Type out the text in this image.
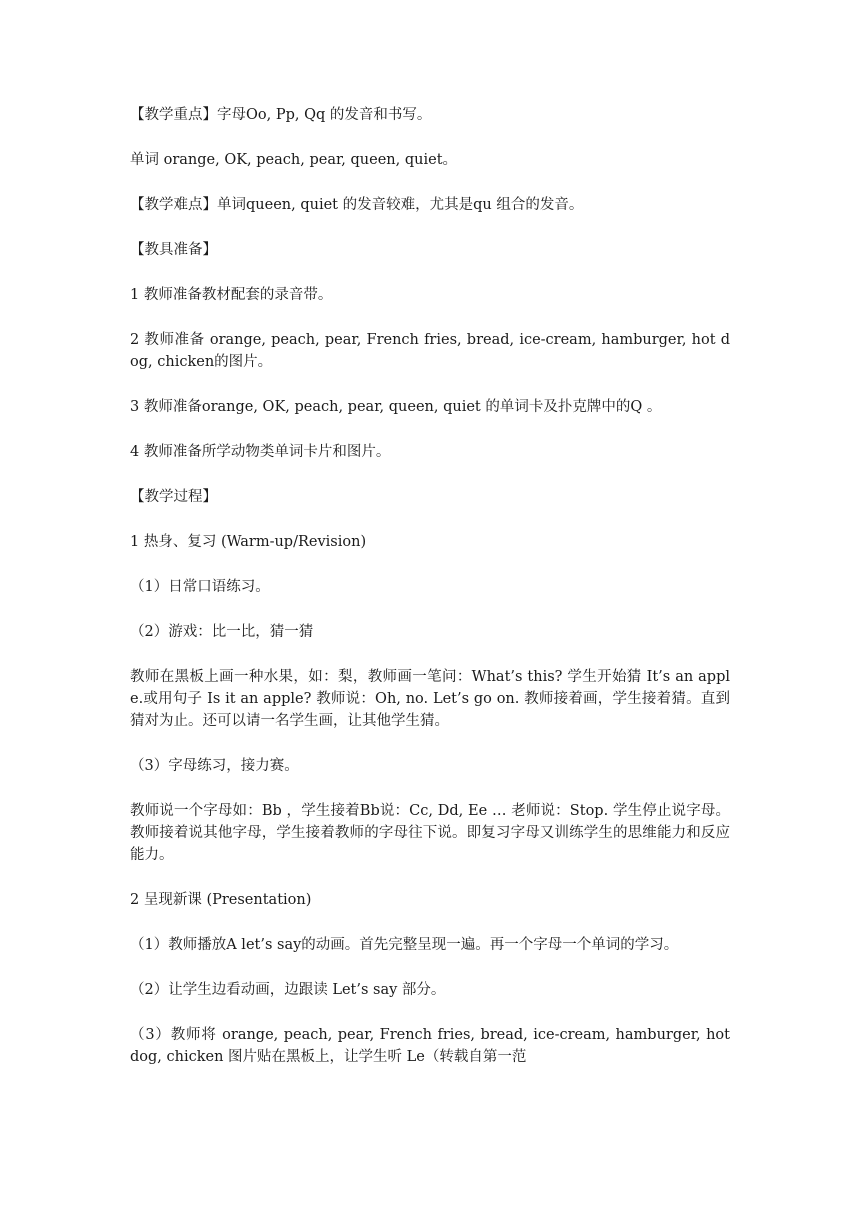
【教学重点】字母Oo, Pp, Qq 的发音和书写。

单词 orange, OK, peach, pear, queen, quiet。

【教学难点】单词queen, quiet 的发音较难，尤其是qu 组合的发音。

【教具准备】

1 教师准备教材配套的录音带。

2 教师准备 orange, peach, pear, French fries, bread, ice-cream, hamburger, hot dog, chicken的图片。

3 教师准备orange, OK, peach, pear, queen, quiet 的单词卡及扑克牌中的Q 。

4 教师准备所学动物类单词卡片和图片。

【教学过程】

1 热身、复习 (Warm-up/Revision)

（1）日常口语练习。

（2）游戏：比一比，猜一猜

教师在黑板上画一种水果，如：梨，教师画一笔问：What’s this? 学生开始猜 It’s an apple.或用句子 Is it an apple? 教师说：Oh, no. Let’s go on. 教师接着画，学生接着猜。直到猜对为止。还可以请一名学生画，让其他学生猜。

（3）字母练习，接力赛。

教师说一个字母如：Bb ，学生接着Bb说：Cc, Dd, Ee … 老师说：Stop. 学生停止说字母。教师接着说其他字母，学生接着教师的字母往下说。即复习字母又训练学生的思维能力和反应能力。

2 呈现新课 (Presentation)

（1）教师播放A let’s say的动画。首先完整呈现一遍。再一个字母一个单词的学习。

（2）让学生边看动画，边跟读 Let’s say 部分。

（3）教师将 orange, peach, pear, French fries, bread, ice-cream, hamburger, hot dog, chicken 图片贴在黑板上，让学生听 Le（转载自第一范
